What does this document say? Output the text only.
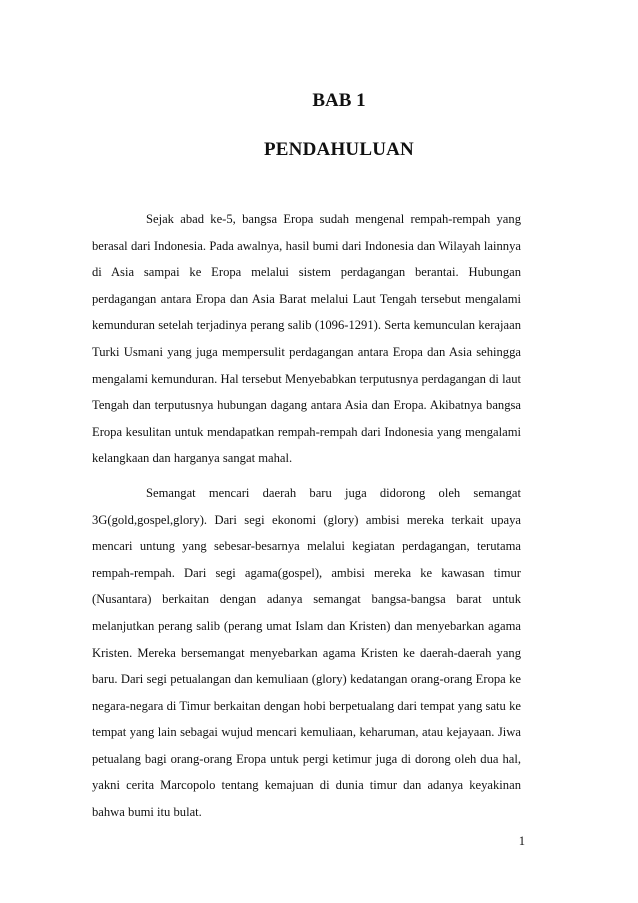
BAB 1
PENDAHULUAN

Sejak abad ke-5, bangsa Eropa sudah mengenal rempah-rempah yang berasal dari Indonesia. Pada awalnya, hasil bumi dari Indonesia dan Wilayah lainnya di Asia sampai ke Eropa melalui sistem perdagangan berantai. Hubungan perdagangan antara Eropa dan Asia Barat melalui Laut Tengah tersebut mengalami kemunduran setelah terjadinya perang salib (1096-1291). Serta kemunculan kerajaan Turki Usmani yang juga mempersulit perdagangan antara Eropa dan Asia sehingga mengalami kemunduran. Hal tersebut Menyebabkan terputusnya perdagangan di laut Tengah dan terputusnya hubungan dagang antara Asia dan Eropa. Akibatnya bangsa Eropa kesulitan untuk mendapatkan rempah-rempah dari Indonesia yang mengalami kelangkaan dan harganya sangat mahal.

Semangat mencari daerah baru juga didorong oleh semangat 3G(gold,gospel,glory). Dari segi ekonomi (glory) ambisi mereka terkait upaya mencari untung yang sebesar-besarnya melalui kegiatan perdagangan, terutama rempah-rempah. Dari segi agama(gospel), ambisi mereka ke kawasan timur (Nusantara) berkaitan dengan adanya semangat bangsa-bangsa barat untuk melanjutkan perang salib (perang umat Islam dan Kristen) dan menyebarkan agama Kristen. Mereka bersemangat menyebarkan agama Kristen ke daerah-daerah yang baru. Dari segi petualangan dan kemuliaan (glory) kedatangan orang-orang Eropa ke negara-negara di Timur berkaitan dengan hobi berpetualang dari tempat yang satu ke tempat yang lain sebagai wujud mencari kemuliaan, keharuman, atau kejayaan. Jiwa petualang bagi orang-orang Eropa untuk pergi ketimur juga di dorong oleh dua hal, yakni cerita Marcopolo tentang kemajuan di dunia timur dan adanya keyakinan bahwa bumi itu bulat.

1
